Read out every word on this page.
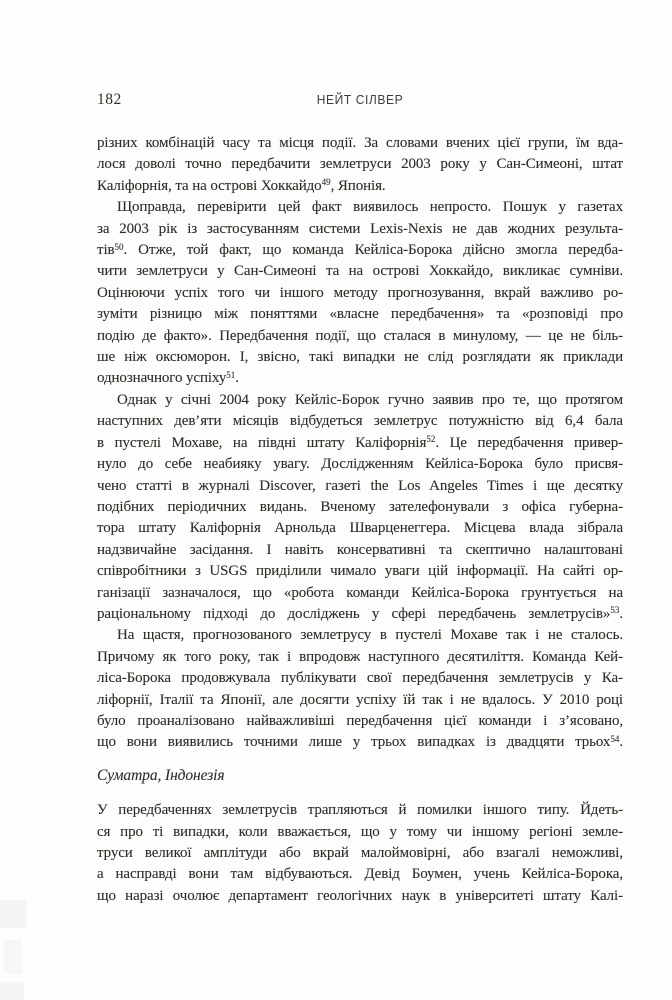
182	НЕЙТ СІЛВЕР
різних комбінацій часу та місця події. За словами вчених цієї групи, їм вда-
лося доволі точно передбачити землетруси 2003 року у Сан-Симеоні, штат
Каліфорнія, та на острові Хоккайдо$^{49}$, Японія.
Щоправда, перевірити цей факт виявилось непросто. Пошук у газетах
за 2003 рік із застосуванням системи Lexis-Nexis не дав жодних результа-
тів$^{50}$. Отже, той факт, що команда Кейліса-Борока дійсно змогла передба-
чити землетруси у Сан-Симеоні та на острові Хоккайдо, викликає сумніви.
Оцінюючи успіх того чи іншого методу прогнозування, вкрай важливо ро-
зуміти різницю між поняттями «власне передбачення» та «розповіді про
подію де факто». Передбачення події, що сталася в минулому, — це не біль-
ше ніж оксюморон. І, звісно, такі випадки не слід розглядати як приклади
однозначного успіху$^{51}$.
Однак у січні 2004 року Кейліс-Борок гучно заявив про те, що протягом
наступних дев’яти місяців відбудеться землетрус потужністю від 6,4 бала
в пустелі Мохаве, на півдні штату Каліфорнія$^{52}$. Це передбачення привер-
нуло до себе неабияку увагу. Дослідженням Кейліса-Борока було присвя-
чено статті в журналі Discover, газеті the Los Angeles Times і ще десятку
подібних періодичних видань. Вченому зателефонували з офіса губерна-
тора штату Каліфорнія Арнольда Шварценеггера. Місцева влада зібрала
надзвичайне засідання. І навіть консервативні та скептично налаштовані
співробітники з USGS приділили чимало уваги цій інформації. На сайті ор-
ганізації зазначалося, що «робота команди Кейліса-Борока грунтується на
раціональному підході до досліджень у сфері передбачень землетрусів»$^{53}$.
На щастя, прогнозованого землетрусу в пустелі Мохаве так і не сталось.
Причому як того року, так і впродовж наступного десятиліття. Команда Кей-
ліса-Борока продовжувала публікувати свої передбачення землетрусів у Ка-
ліфорнії, Італії та Японії, але досягти успіху їй так і не вдалось. У 2010 році
було проаналізовано найважливіші передбачення цієї команди і з’ясовано,
що вони виявились точними лише у трьох випадках із двадцяти трьох$^{54}$.
Суматра, Індонезія
У передбаченнях землетрусів трапляються й помилки іншого типу. Йдеть-
ся про ті випадки, коли вважається, що у тому чи іншому регіоні земле-
труси великої амплітуди або вкрай малоймовірні, або взагалі неможливі,
а насправді вони там відбуваються. Девід Боумен, учень Кейліса-Борока,
що наразі очолює департамент геологічних наук в університеті штату Калі-
